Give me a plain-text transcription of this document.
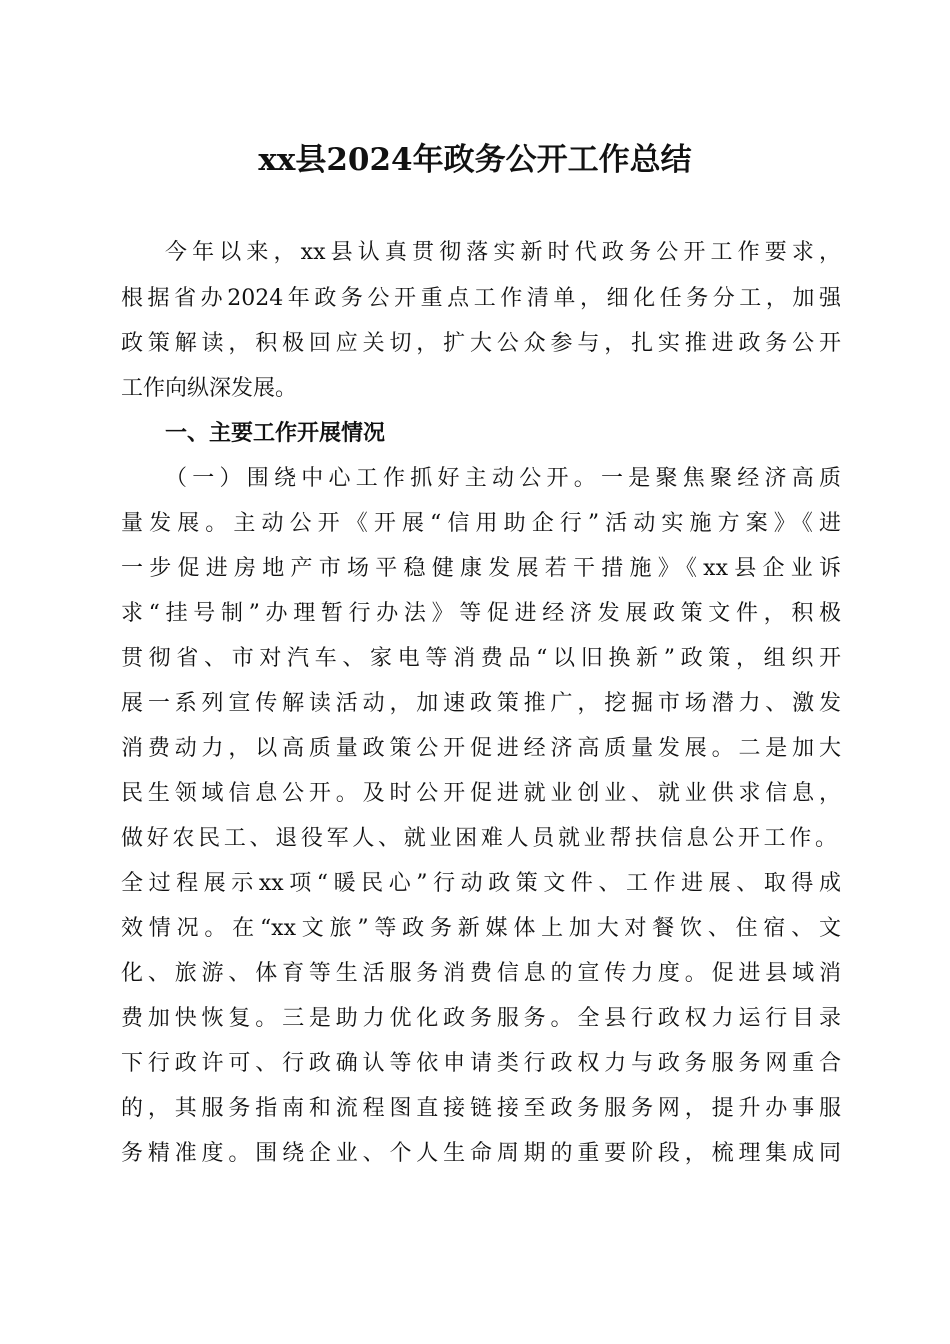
xx县2024年政务公开工作总结
今年以来，xx县认真贯彻落实新时代政务公开工作要求，
根据省办2024年政务公开重点工作清单，细化任务分工，加强
政策解读，积极回应关切，扩大公众参与，扎实推进政务公开
工作向纵深发展。
一、主要工作开展情况
（一）围绕中心工作抓好主动公开。一是聚焦聚经济高质
量发展。主动公开《开展“信用助企行”活动实施方案》《进
一步促进房地产市场平稳健康发展若干措施》《xx县企业诉
求“挂号制”办理暂行办法》等促进经济发展政策文件，积极
贯彻省、市对汽车、家电等消费品“以旧换新”政策，组织开
展一系列宣传解读活动，加速政策推广，挖掘市场潜力、激发
消费动力，以高质量政策公开促进经济高质量发展。二是加大
民生领域信息公开。及时公开促进就业创业、就业供求信息，
做好农民工、退役军人、就业困难人员就业帮扶信息公开工作。
全过程展示xx项“暖民心”行动政策文件、工作进展、取得成
效情况。在“xx文旅”等政务新媒体上加大对餐饮、住宿、文
化、旅游、体育等生活服务消费信息的宣传力度。促进县域消
费加快恢复。三是助力优化政务服务。全县行政权力运行目录
下行政许可、行政确认等依申请类行政权力与政务服务网重合
的，其服务指南和流程图直接链接至政务服务网，提升办事服
务精准度。围绕企业、个人生命周期的重要阶段，梳理集成同
